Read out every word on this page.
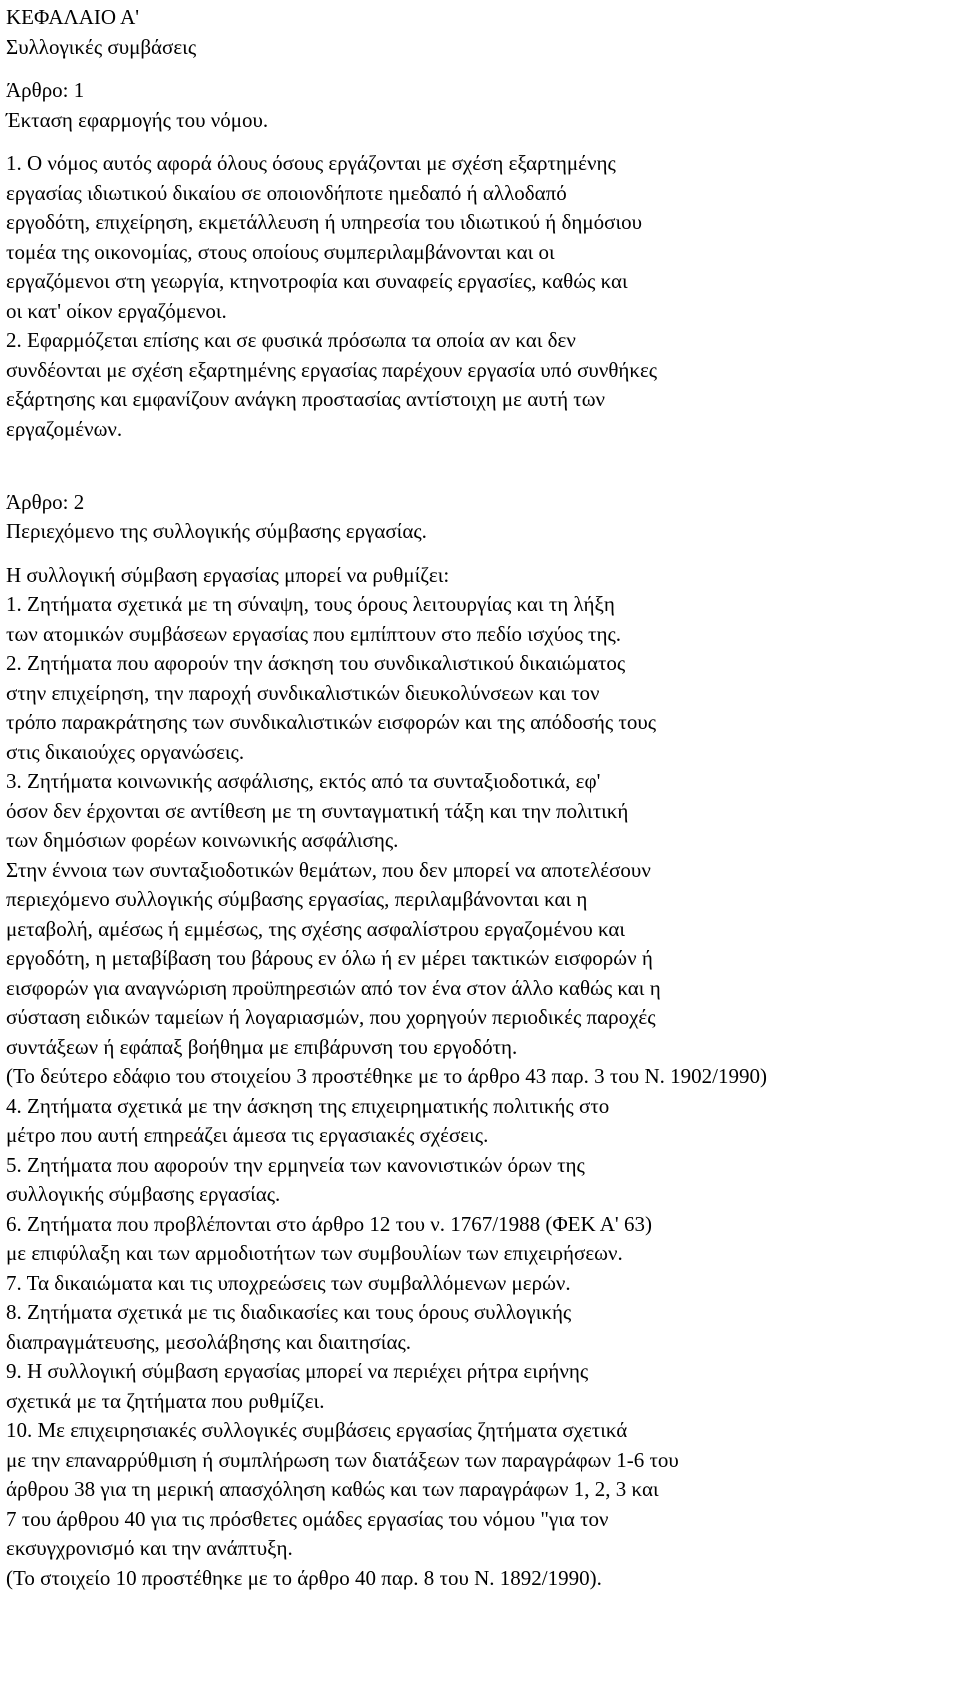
ΚΕΦΑΛΑΙΟ Α'
Συλλογικές συμβάσεις
Άρθρο: 1
Έκταση εφαρμογής του νόμου.
1. Ο νόμος αυτός αφορά όλους όσους εργάζονται με σχέση εξαρτημένης
εργασίας ιδιωτικού δικαίου σε οποιονδήποτε ημεδαπό ή αλλοδαπό
εργοδότη, επιχείρηση, εκμετάλλευση ή υπηρεσία του ιδιωτικού ή δημόσιου
τομέα της οικονομίας, στους οποίους συμπεριλαμβάνονται και οι
εργαζόμενοι στη γεωργία, κτηνοτροφία και συναφείς εργασίες, καθώς και
οι κατ' οίκον εργαζόμενοι.
2. Εφαρμόζεται επίσης και σε φυσικά πρόσωπα τα οποία αν και δεν
συνδέονται με σχέση εξαρτημένης εργασίας παρέχουν εργασία υπό συνθήκες
εξάρτησης και εμφανίζουν ανάγκη προστασίας αντίστοιχη με αυτή των
εργαζομένων.
Άρθρο: 2
Περιεχόμενο της συλλογικής σύμβασης εργασίας.
Η συλλογική σύμβαση εργασίας μπορεί να ρυθμίζει:
1. Ζητήματα σχετικά με τη σύναψη, τους όρους λειτουργίας και τη λήξη
των ατομικών συμβάσεων εργασίας που εμπίπτουν στο πεδίο ισχύος της.
2. Ζητήματα που αφορούν την άσκηση του συνδικαλιστικού δικαιώματος
στην επιχείρηση, την παροχή συνδικαλιστικών διευκολύνσεων και τον
τρόπο παρακράτησης των συνδικαλιστικών εισφορών και της απόδοσής τους
στις δικαιούχες οργανώσεις.
3. Ζητήματα κοινωνικής ασφάλισης, εκτός από τα συνταξιοδοτικά, εφ'
όσον δεν έρχονται σε αντίθεση με τη συνταγματική τάξη και την πολιτική
των δημόσιων φορέων κοινωνικής ασφάλισης.
Στην έννοια των συνταξιοδοτικών θεμάτων, που δεν μπορεί να αποτελέσουν
περιεχόμενο συλλογικής σύμβασης εργασίας, περιλαμβάνονται και η
μεταβολή, αμέσως ή εμμέσως, της σχέσης ασφαλίστρου εργαζομένου και
εργοδότη, η μεταβίβαση του βάρους εν όλω ή εν μέρει τακτικών εισφορών ή
εισφορών για αναγνώριση προϋπηρεσιών από τον ένα στον άλλο καθώς και η
σύσταση ειδικών ταμείων ή λογαριασμών, που χορηγούν περιοδικές παροχές
συντάξεων ή εφάπαξ βοήθημα με επιβάρυνση του εργοδότη.
(Το δεύτερο εδάφιο του στοιχείου 3 προστέθηκε με το άρθρο 43 παρ. 3 του Ν. 1902/1990)
4. Ζητήματα σχετικά με την άσκηση της επιχειρηματικής πολιτικής στο
μέτρο που αυτή επηρεάζει άμεσα τις εργασιακές σχέσεις.
5. Ζητήματα που αφορούν την ερμηνεία των κανονιστικών όρων της
συλλογικής σύμβασης εργασίας.
6. Ζητήματα που προβλέπονται στο άρθρο 12 του ν. 1767/1988 (ΦΕΚ Α' 63)
με επιφύλαξη και των αρμοδιοτήτων των συμβουλίων των επιχειρήσεων.
7. Τα δικαιώματα και τις υποχρεώσεις των συμβαλλόμενων μερών.
8. Ζητήματα σχετικά με τις διαδικασίες και τους όρους συλλογικής
διαπραγμάτευσης, μεσολάβησης και διαιτησίας.
9. Η συλλογική σύμβαση εργασίας μπορεί να περιέχει ρήτρα ειρήνης
σχετικά με τα ζητήματα που ρυθμίζει.
10. Με επιχειρησιακές συλλογικές συμβάσεις εργασίας ζητήματα σχετικά
με την επαναρρύθμιση ή συμπλήρωση των διατάξεων των παραγράφων 1-6 του
άρθρου 38 για τη μερική απασχόληση καθώς και των παραγράφων 1, 2, 3 και
7 του άρθρου 40 για τις πρόσθετες ομάδες εργασίας του νόμου "για τον
εκσυγχρονισμό και την ανάπτυξη.
(Το στοιχείο 10 προστέθηκε με το άρθρο 40 παρ. 8 του Ν. 1892/1990).
